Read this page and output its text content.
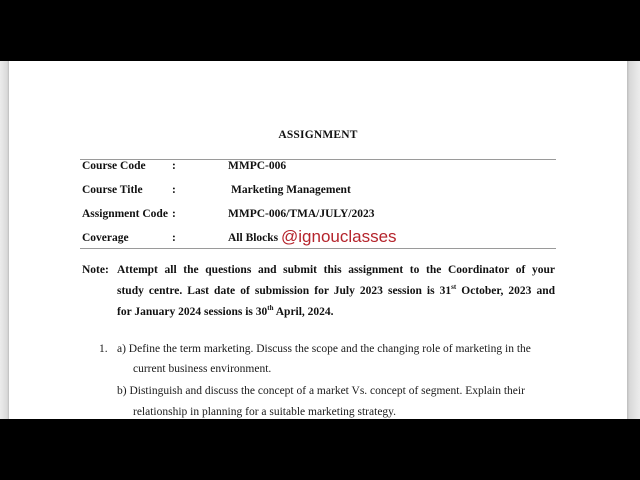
ASSIGNMENT
Course Code :	MMPC-006
Course Title	:	Marketing Management
Assignment Code :	MMPC-006/TMA/JULY/2023
Coverage	:	All Blocks @ignouclasses
Note: Attempt all the questions and submit this assignment to the Coordinator of your
study centre. Last date of submission for July 2023 session is 31st October, 2023 and
for January 2024 sessions is 30th April, 2024.
1. a) Define the term marketing. Discuss the scope and the changing role of marketing in the
current business environment.
b) Distinguish and discuss the concept of a market Vs. concept of segment. Explain their
relationship in planning for a suitable marketing strategy.
